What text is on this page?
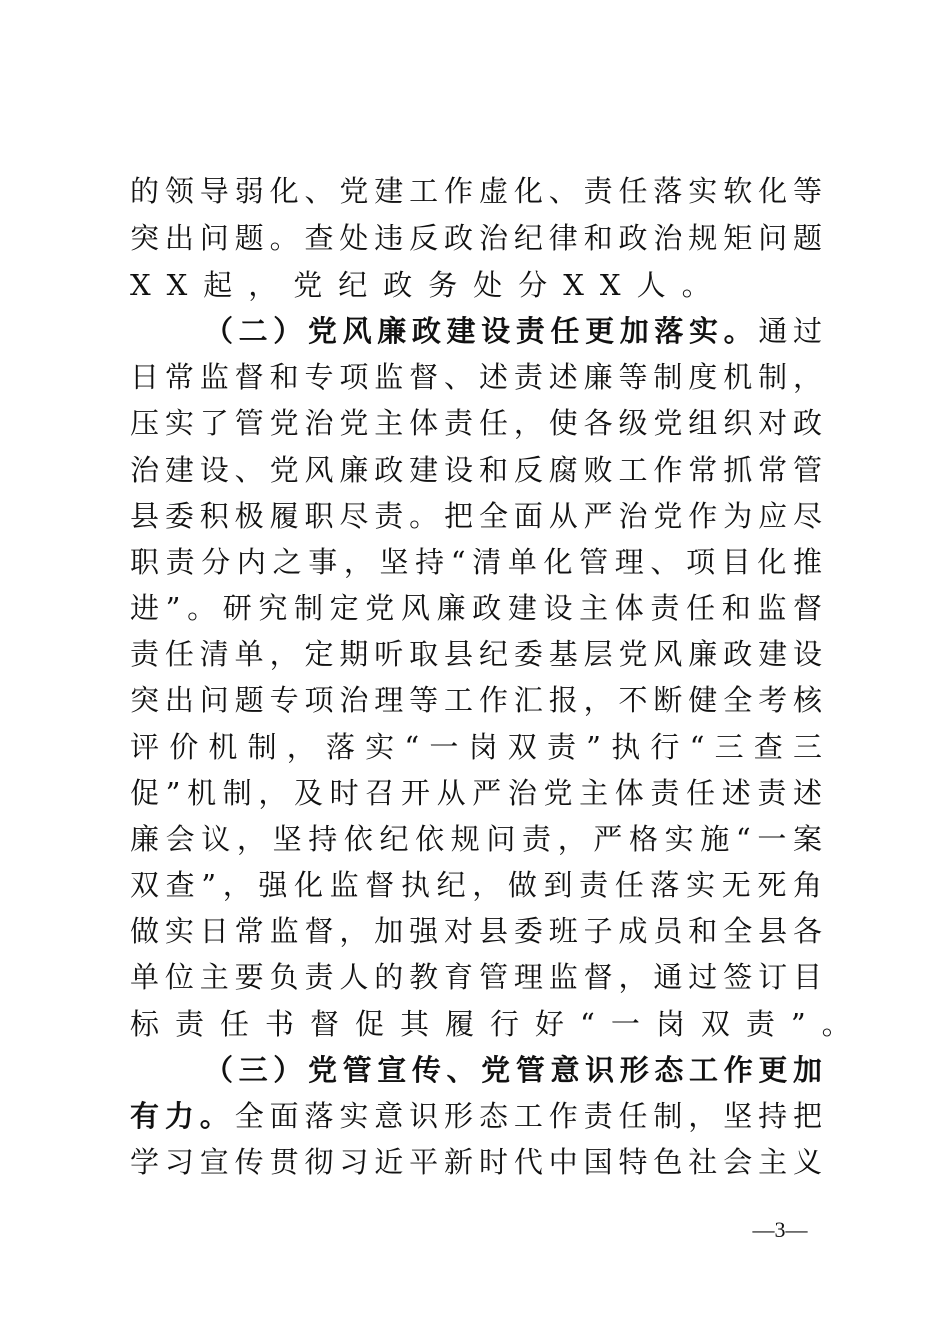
的领导弱化、党建工作虚化、责任落实软化等
突出问题。查处违反政治纪律和政治规矩问题
XX起，党纪政务处分XX人。
（二）党风廉政建设责任更加落实。通过
日常监督和专项监督、述责述廉等制度机制，
压实了管党治党主体责任，使各级党组织对政
治建设、党风廉政建设和反腐败工作常抓常管
县委积极履职尽责。把全面从严治党作为应尽
职责分内之事，坚持“清单化管理、项目化推
进”。研究制定党风廉政建设主体责任和监督
责任清单，定期听取县纪委基层党风廉政建设
突出问题专项治理等工作汇报，不断健全考核
评价机制，落实“一岗双责”执行“三查三
促”机制，及时召开从严治党主体责任述责述
廉会议，坚持依纪依规问责，严格实施“一案
双查”，强化监督执纪，做到责任落实无死角
做实日常监督，加强对县委班子成员和全县各
单位主要负责人的教育管理监督，通过签订目
标责任书督促其履行好“一岗双责”。
（三）党管宣传、党管意识形态工作更加
有力。全面落实意识形态工作责任制，坚持把
学习宣传贯彻习近平新时代中国特色社会主义
—3—
